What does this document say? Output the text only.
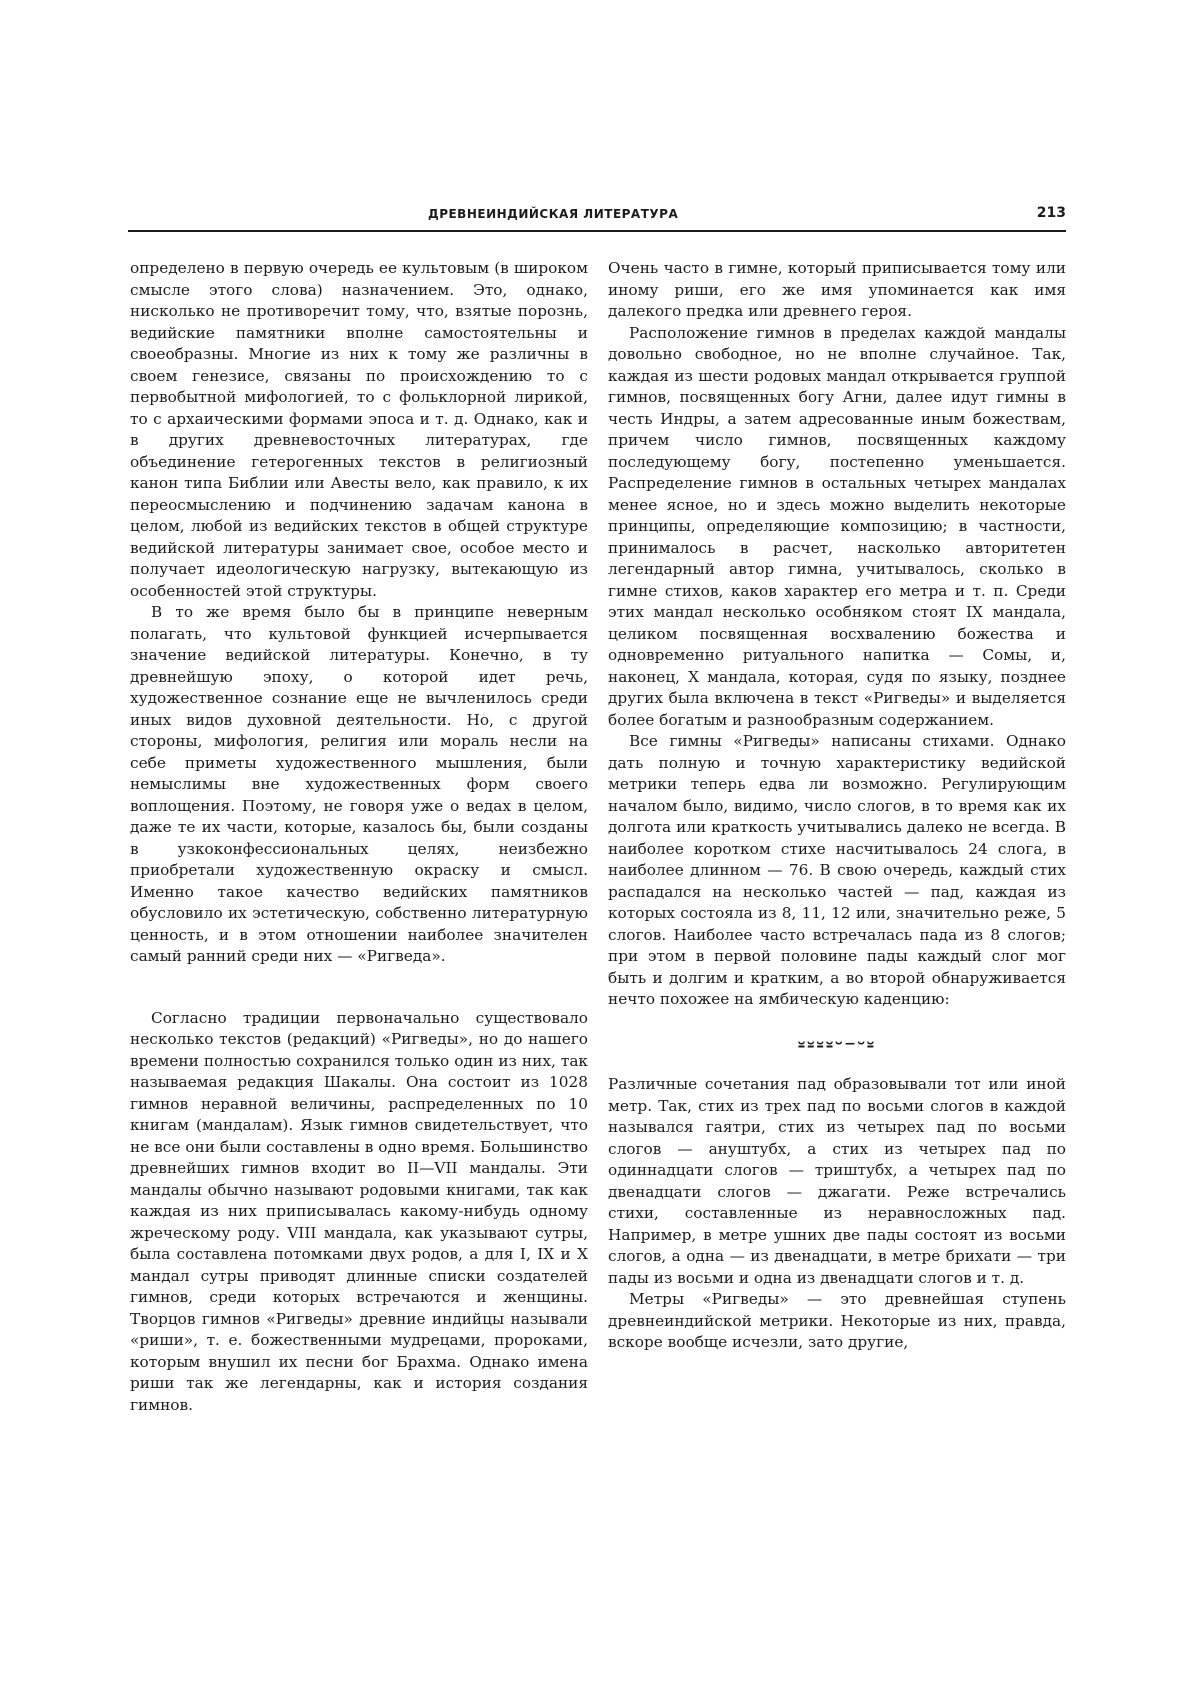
ДРЕВНЕИНДИЙСКАЯ ЛИТЕРАТУРА	213

определено в первую очередь ее культовым (в широком смысле этого слова) назначением. Это, однако, нисколько не противоречит тому, что, взятые порознь, ведийские памятники вполне самостоятельны и своеобразны. Многие из них к тому же различны в своем генезисе, связаны по происхождению то с первобытной мифологией, то с фольклорной лирикой, то с архаическими формами эпоса и т. д. Однако, как и в других древневосточных литературах, где объединение гетерогенных текстов в религиозный канон типа Библии или Авесты вело, как правило, к их переосмыслению и подчинению задачам канона в целом, любой из ведийских текстов в общей структуре ведийской литературы занимает свое, особое место и получает идеологическую нагрузку, вытекающую из особенностей этой структуры.

В то же время было бы в принципе неверным полагать, что культовой функцией исчерпывается значение ведийской литературы. Конечно, в ту древнейшую эпоху, о которой идет речь, художественное сознание еще не вычленилось среди иных видов духовной деятельности. Но, с другой стороны, мифология, религия или мораль несли на себе приметы художественного мышления, были немыслимы вне художественных форм своего воплощения. Поэтому, не говоря уже о ведах в целом, даже те их части, которые, казалось бы, были созданы в узкоконфессиональных целях, неизбежно приобретали художественную окраску и смысл. Именно такое качество ведийских памятников обусловило их эстетическую, собственно литературную ценность, и в этом отношении наиболее значителен самый ранний среди них — «Ригведа».

Согласно традиции первоначально существовало несколько текстов (редакций) «Ригведы», но до нашего времени полностью сохранился только один из них, так называемая редакция Шакалы. Она состоит из 1028 гимнов неравной величины, распределенных по 10 книгам (мандалам). Язык гимнов свидетельствует, что не все они были составлены в одно время. Большинство древнейших гимнов входит во II—VII мандалы. Эти мандалы обычно называют родовыми книгами, так как каждая из них приписывалась какому-нибудь одному жреческому роду. VIII мандала, как указывают сутры, была составлена потомками двух родов, а для I, IX и X мандал сутры приводят длинные списки создателей гимнов, среди которых встречаются и женщины. Творцов гимнов «Ригведы» древние индийцы называли «риши», т. е. божественными мудрецами, пророками, которым внушил их песни бог Брахма. Однако имена риши так же легендарны, как и история создания гимнов.

Очень часто в гимне, который приписывается тому или иному риши, его же имя упоминается как имя далекого предка или древнего героя.

Расположение гимнов в пределах каждой мандалы довольно свободное, но не вполне случайное. Так, каждая из шести родовых мандал открывается группой гимнов, посвященных богу Агни, далее идут гимны в честь Индры, а затем адресованные иным божествам, причем число гимнов, посвященных каждому последующему богу, постепенно уменьшается. Распределение гимнов в остальных четырех мандалах менее ясное, но и здесь можно выделить некоторые принципы, определяющие композицию; в частности, принималось в расчет, насколько авторитетен легендарный автор гимна, учитывалось, сколько в гимне стихов, каков характер его метра и т. п. Среди этих мандал несколько особняком стоят IX мандала, целиком посвященная восхвалению божества и одновременно ритуального напитка — Сомы, и, наконец, X мандала, которая, судя по языку, позднее других была включена в текст «Ригведы» и выделяется более богатым и разнообразным содержанием.

Все гимны «Ригведы» написаны стихами. Однако дать полную и точную характеристику ведийской метрики теперь едва ли возможно. Регулирующим началом было, видимо, число слогов, в то время как их долгота или краткость учитывались далеко не всегда. В наиболее коротком стихе насчитывалось 24 слога, в наиболее длинном — 76. В свою очередь, каждый стих распадался на несколько частей — пад, каждая из которых состояла из 8, 11, 12 или, значительно реже, 5 слогов. Наиболее часто встречалась пада из 8 слогов; при этом в первой половине пады каждый слог мог быть и долгим и кратким, а во второй обнаруживается нечто похожее на ямбическую каденцию:

⏓⏓⏓⏓⏑–⏑⏓

Различные сочетания пад образовывали тот или иной метр. Так, стих из трех пад по восьми слогов в каждой назывался гаятри, стих из четырех пад по восьми слогов — ануштубх, а стих из четырех пад по одиннадцати слогов — триштубх, а четырех пад по двенадцати слогов — джагати. Реже встречались стихи, составленные из неравносложных пад. Например, в метре ушних две пады состоят из восьми слогов, а одна — из двенадцати, в метре брихати — три пады из восьми и одна из двенадцати слогов и т. д.

Метры «Ригведы» — это древнейшая ступень древнеиндийской метрики. Некоторые из них, правда, вскоре вообще исчезли, зато другие,
